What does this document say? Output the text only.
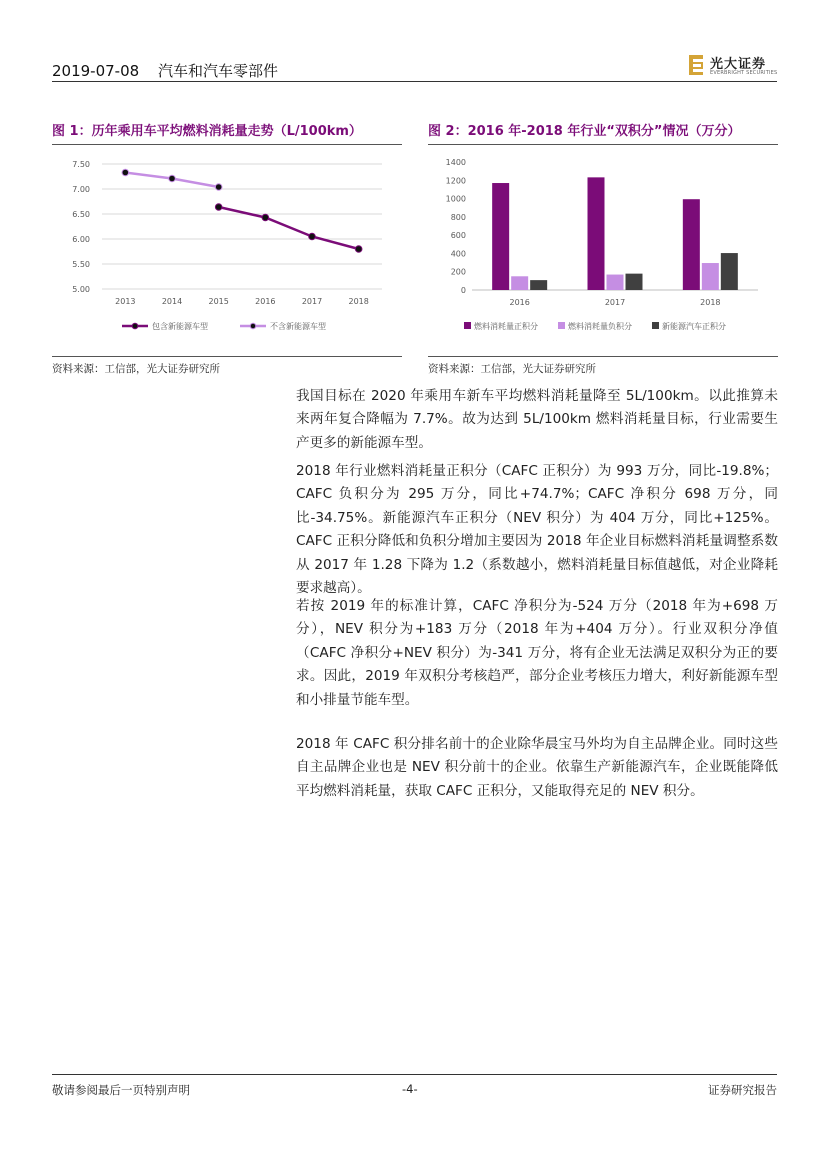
2019-07-08 汽车和汽车零部件	光大证券
EVERBRIGHT SECURITIES
图 1：历年乘用车平均燃料消耗量走势（L/100km）	图 2：2016 年-2018 年行业“双积分”情况（万分）
5.00
5.50
6.00
6.50
7.00
7.50
2013	2014	2015	2016	2017	2018
包含新能源车型	不含新能源车型
0
200
400
600
800
1000
1200
1400
2016	2017	2018
燃料消耗量正积分	燃料消耗量负积分	新能源汽车正积分
资料来源：工信部，光大证券研究所	资料来源：工信部，光大证券研究所

我国目标在 2020 年乘用车新车平均燃料消耗量降至 5L/100km。以此推算未来两年复合降幅为 7.7%。故为达到 5L/100km 燃料消耗量目标，行业需要生产更多的新能源车型。

2018 年行业燃料消耗量正积分（CAFC 正积分）为 993 万分，同比-19.8%；CAFC 负积分为 295 万分，同比+74.7%；CAFC 净积分 698 万分，同比-34.75%。新能源汽车正积分（NEV 积分）为 404 万分，同比+125%。CAFC 正积分降低和负积分增加主要因为 2018 年企业目标燃料消耗量调整系数从 2017 年 1.28 下降为 1.2（系数越小，燃料消耗量目标值越低，对企业降耗要求越高）。

若按 2019 年的标准计算，CAFC 净积分为-524 万分（2018 年为+698 万分），NEV 积分为+183 万分（2018 年为+404 万分）。行业双积分净值（CAFC 净积分+NEV 积分）为-341 万分，将有企业无法满足双积分为正的要求。因此，2019 年双积分考核趋严，部分企业考核压力增大，利好新能源车型和小排量节能车型。

2018 年 CAFC 积分排名前十的企业除华晨宝马外均为自主品牌企业。同时这些自主品牌企业也是 NEV 积分前十的企业。依靠生产新能源汽车，企业既能降低平均燃料消耗量，获取 CAFC 正积分，又能取得充足的 NEV 积分。

敬请参阅最后一页特别声明	-4-	证券研究报告
